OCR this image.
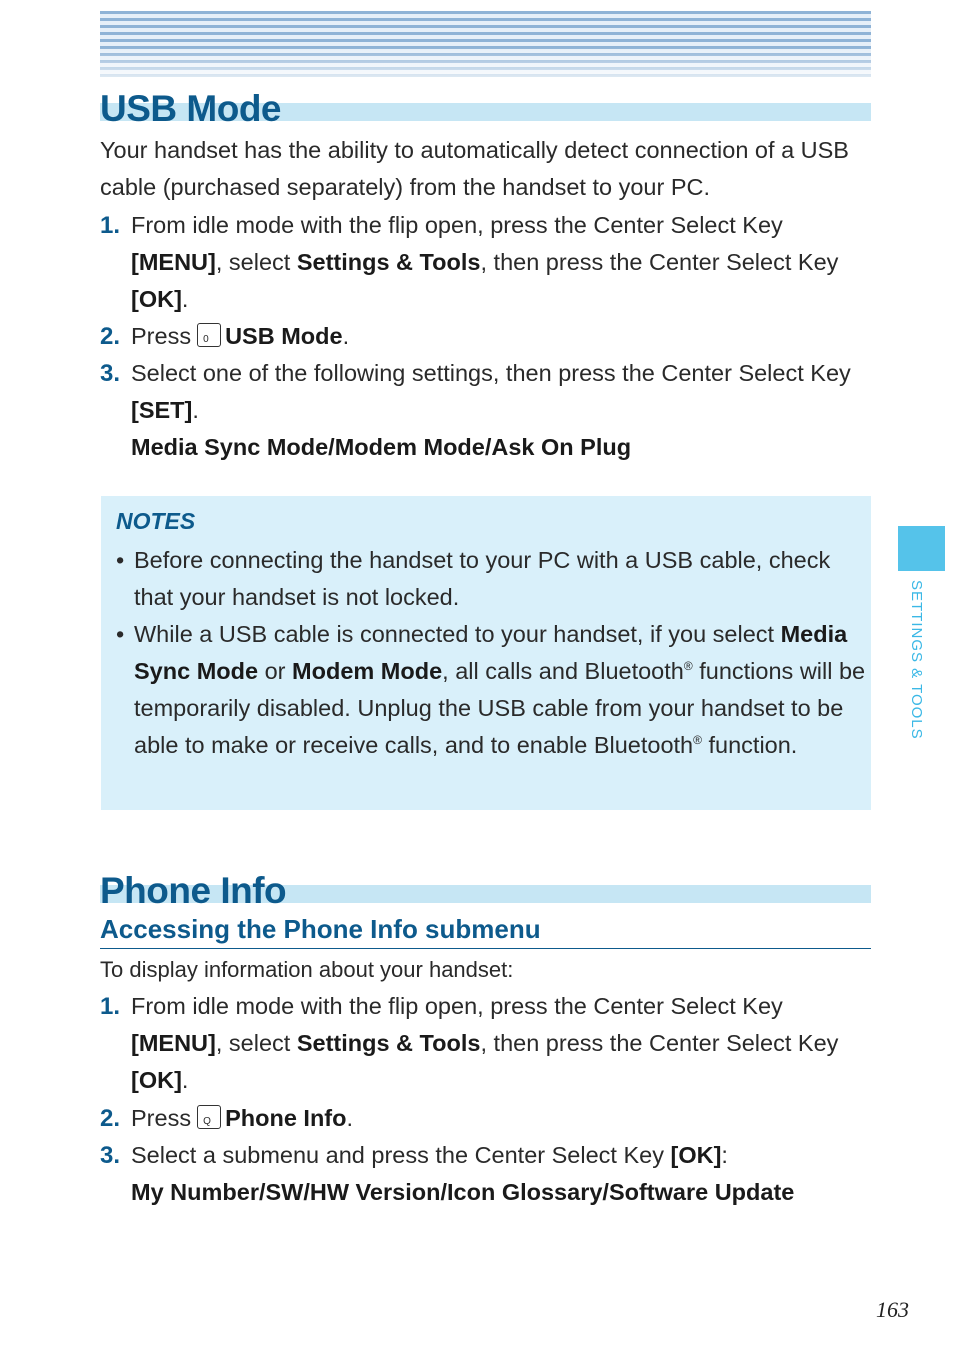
USB Mode
Your handset has the ability to automatically detect connection of a USB cable (purchased separately) from the handset to your PC.
1. From idle mode with the flip open, press the Center Select Key [MENU], select Settings & Tools, then press the Center Select Key [OK].
2. Press 0 USB Mode.
3. Select one of the following settings, then press the Center Select Key [SET].
Media Sync Mode/Modem Mode/Ask On Plug
NOTES
• Before connecting the handset to your PC with a USB cable, check that your handset is not locked.
• While a USB cable is connected to your handset, if you select Media Sync Mode or Modem Mode, all calls and Bluetooth® functions will be temporarily disabled. Unplug the USB cable from your handset to be able to make or receive calls, and to enable Bluetooth® function.
Phone Info
Accessing the Phone Info submenu
To display information about your handset:
1. From idle mode with the flip open, press the Center Select Key [MENU], select Settings & Tools, then press the Center Select Key [OK].
2. Press Q Phone Info.
3. Select a submenu and press the Center Select Key [OK]:
My Number/SW/HW Version/Icon Glossary/Software Update
SETTINGS & TOOLS
163
